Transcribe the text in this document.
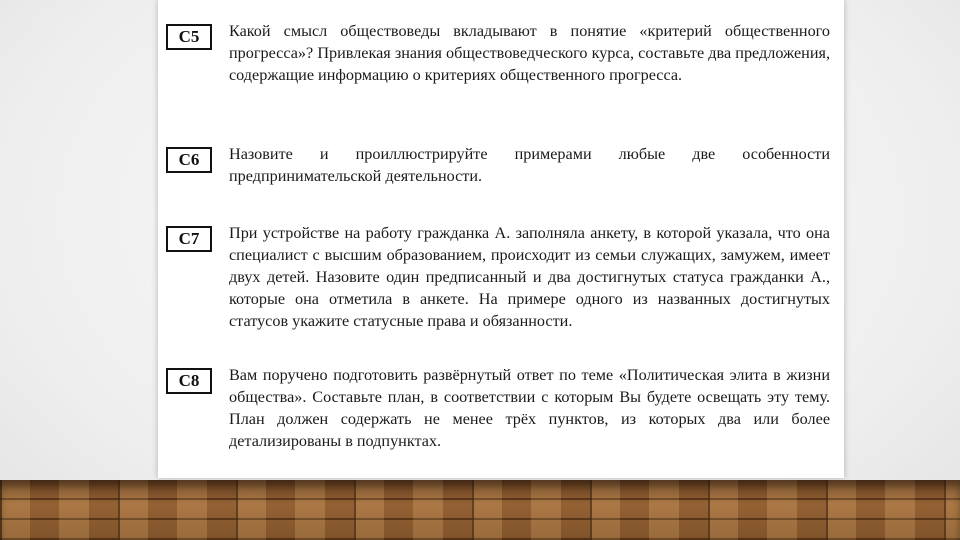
С5	Какой смысл обществоведы вкладывают в понятие «критерий общественного прогресса»? Привлекая знания обществоведческого курса, составьте два предложения, содержащие информацию о критериях общественного прогресса.

С6	Назовите и проиллюстрируйте примерами любые две особенности предпринимательской деятельности.

С7	При устройстве на работу гражданка А. заполняла анкету, в которой указала, что она специалист с высшим образованием, происходит из семьи служащих, замужем, имеет двух детей. Назовите один предписанный и два достигнутых статуса гражданки А., которые она отметила в анкете. На примере одного из названных достигнутых статусов укажите статусные права и обязанности.

С8	Вам поручено подготовить развёрнутый ответ по теме «Политическая элита в жизни общества». Составьте план, в соответствии с которым Вы будете освещать эту тему. План должен содержать не менее трёх пунктов, из которых два или более детализированы в подпунктах.
